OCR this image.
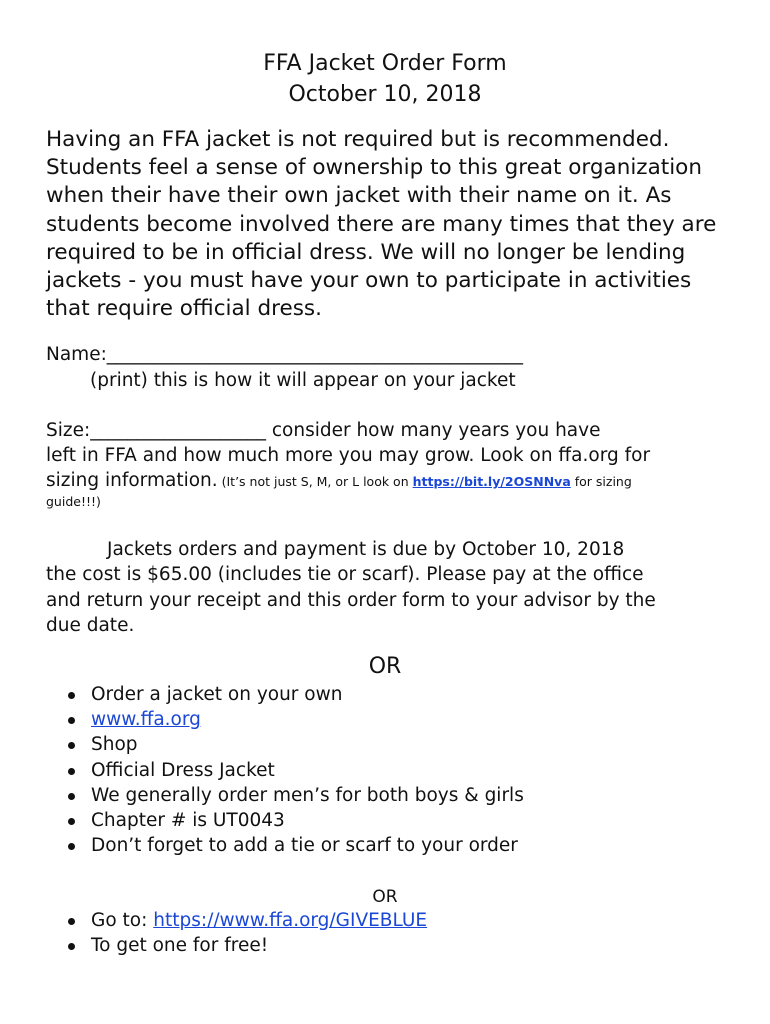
FFA Jacket Order Form
October 10, 2018

Having an FFA jacket is not required but is recommended. Students feel a sense of ownership to this great organization when their have their own jacket with their name on it. As students become involved there are many times that they are required to be in official dress. We will no longer be lending jackets - you must have your own to participate in activities that require official dress.

Name:_____________________________________________
(print) this is how it will appear on your jacket
Size:___________________ consider how many years you have
left in FFA and how much more you may grow. Look on ffa.org for
sizing information. (It’s not just S, M, or L look on https://bit.ly/2OSNNva for sizing
guide!!!)
Jackets orders and payment is due by October 10, 2018
the cost is $65.00 (includes tie or scarf). Please pay at the office
and return your receipt and this order form to your advisor by the
due date.
OR
Order a jacket on your own
www.ffa.org
Shop
Official Dress Jacket
We generally order men’s for both boys & girls
Chapter # is UT0043
Don’t forget to add a tie or scarf to your order
OR
Go to: https://www.ffa.org/GIVEBLUE
To get one for free!
